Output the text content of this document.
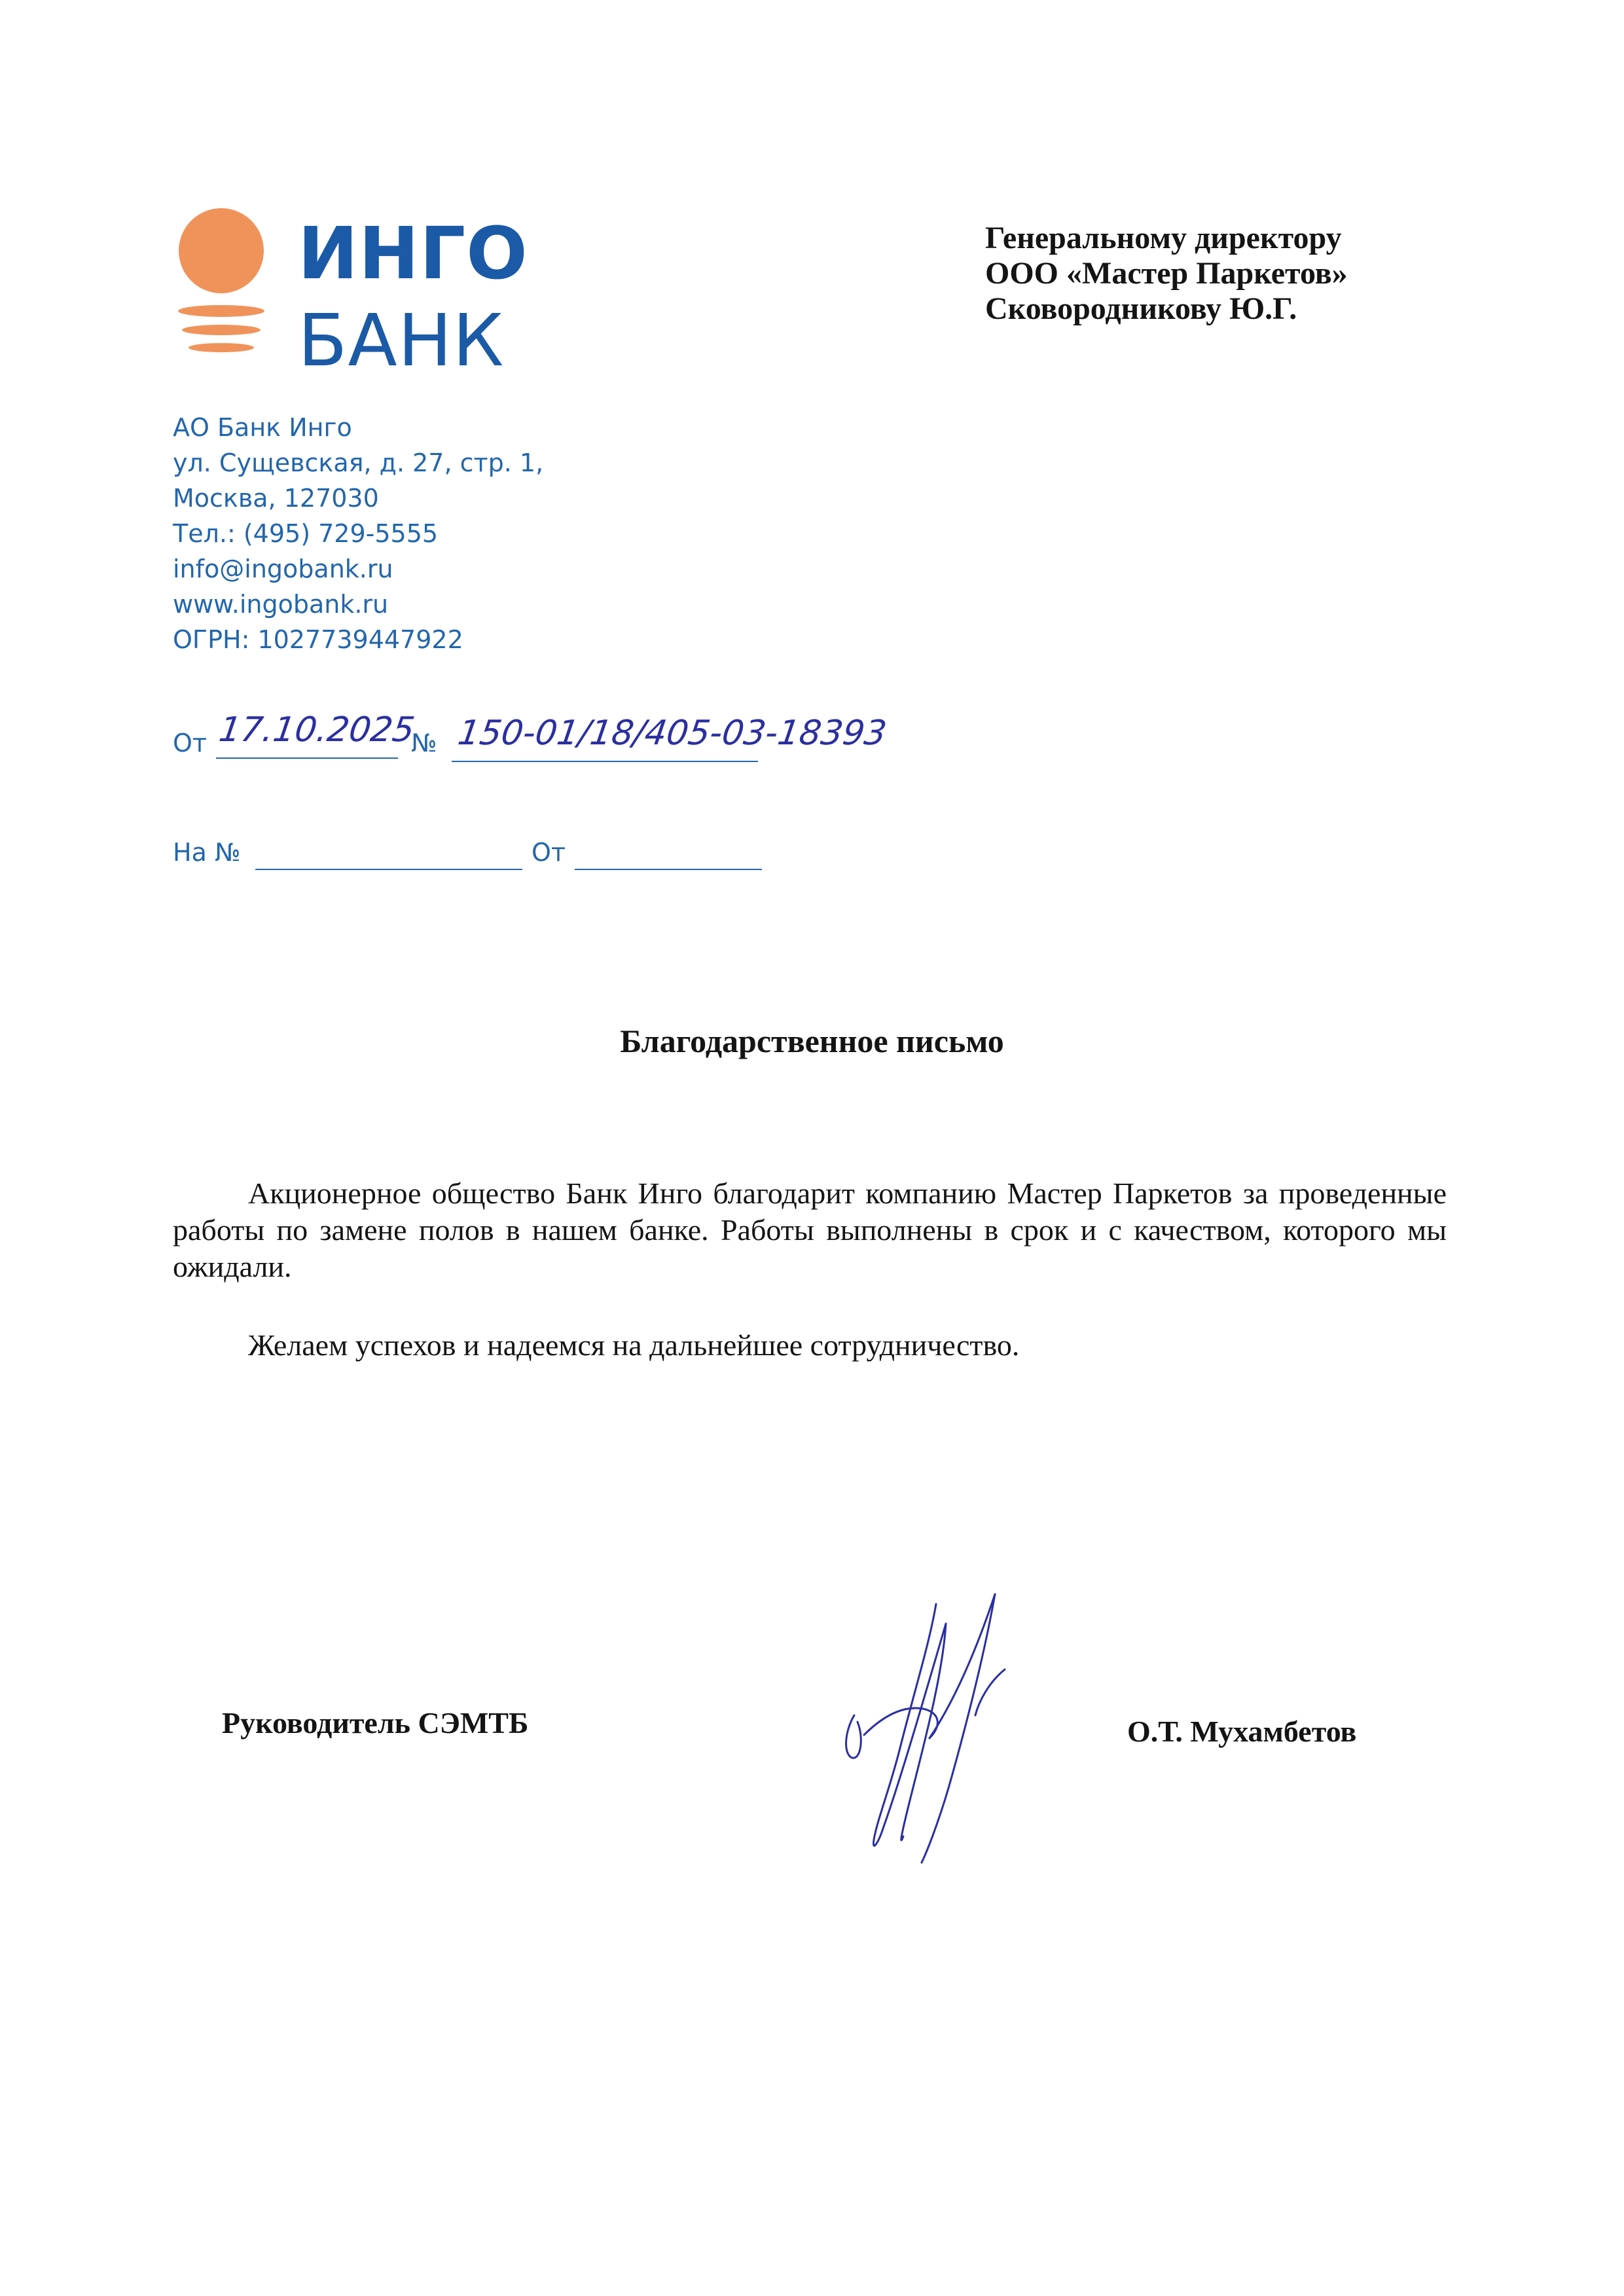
ИНГО
БАНК
АО Банк Инго
ул. Сущевская, д. 27, стр. 1,
Москва, 127030
Тел.: (495) 729-5555
info@ingobank.ru
www.ingobank.ru
ОГРН: 1027739447922
Генеральному директору
ООО «Мастер Паркетов»
Сковородникову Ю.Г.
От 17.10.2025
№ 150-01/18/405-03-18393
На №	От
Благодарственное письмо

Акционерное общество Банк Инго благодарит компанию Мастер Паркетов за проведенные работы по замене полов в нашем банке. Работы выполнены в срок и с качеством, которого мы ожидали.

Желаем успехов и надеемся на дальнейшее сотрудничество.

Руководитель СЭМТБ	О.Т. Мухамбетов
